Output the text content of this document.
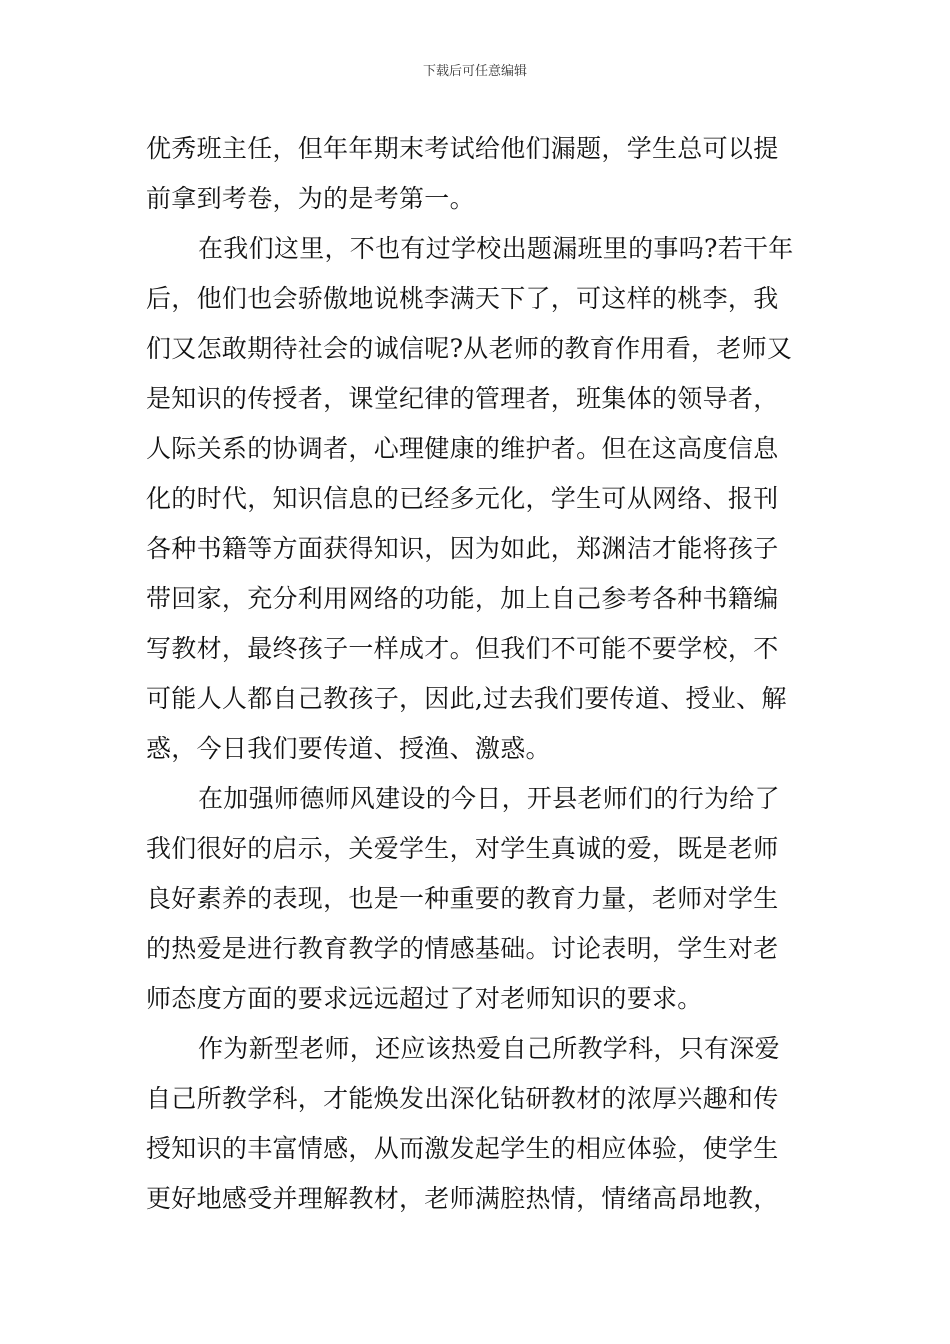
下载后可任意编辑
优秀班主任，但年年期末考试给他们漏题，学生总可以提
前拿到考卷，为的是考第一。
在我们这里，不也有过学校出题漏班里的事吗?若干年
后，他们也会骄傲地说桃李满天下了，可这样的桃李，我
们又怎敢期待社会的诚信呢?从老师的教育作用看，老师又
是知识的传授者，课堂纪律的管理者，班集体的领导者，
人际关系的协调者，心理健康的维护者。但在这高度信息
化的时代，知识信息的已经多元化，学生可从网络、报刊
各种书籍等方面获得知识，因为如此，郑渊洁才能将孩子
带回家，充分利用网络的功能，加上自己参考各种书籍编
写教材，最终孩子一样成才。但我们不可能不要学校，不
可能人人都自己教孩子，因此,过去我们要传道、授业、解
惑，今日我们要传道、授渔、激惑。
在加强师德师风建设的今日，开县老师们的行为给了
我们很好的启示，关爱学生，对学生真诚的爱，既是老师
良好素养的表现，也是一种重要的教育力量，老师对学生
的热爱是进行教育教学的情感基础。讨论表明，学生对老
师态度方面的要求远远超过了对老师知识的要求。
作为新型老师，还应该热爱自己所教学科，只有深爱
自己所教学科，才能焕发出深化钻研教材的浓厚兴趣和传
授知识的丰富情感，从而激发起学生的相应体验，使学生
更好地感受并理解教材，老师满腔热情，情绪高昂地教，
